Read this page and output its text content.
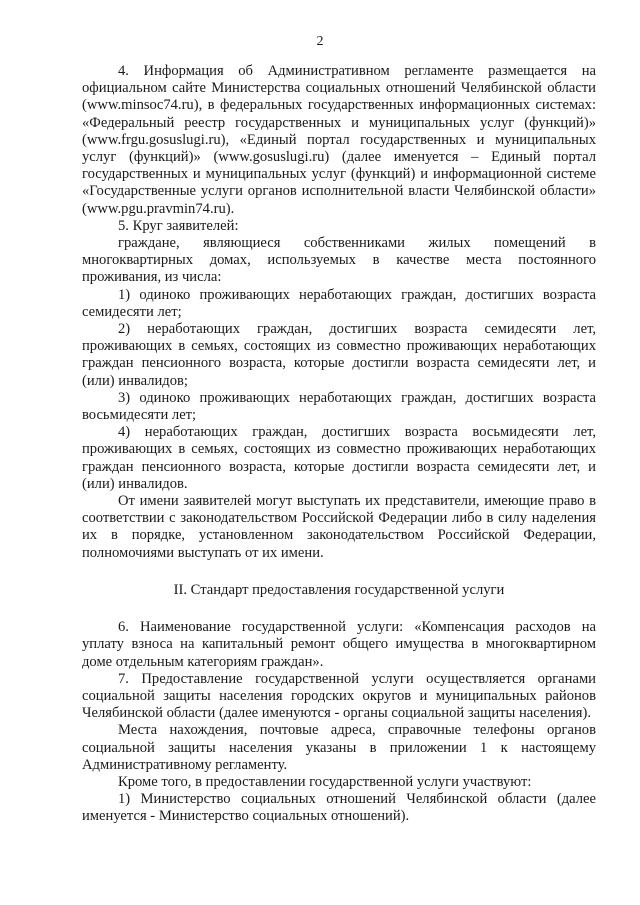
2

4. Информация об Административном регламенте размещается на официальном сайте Министерства социальных отношений Челябинской области (www.minsoc74.ru), в федеральных государственных информационных системах: «Федеральный реестр государственных и муниципальных услуг (функций)» (www.frgu.gosuslugi.ru), «Единый портал государственных и муниципальных услуг (функций)» (www.gosuslugi.ru) (далее именуется – Единый портал государственных и муниципальных услуг (функций) и информационной системе «Государственные услуги органов исполнительной власти Челябинской области» (www.pgu.pravmin74.ru).

5. Круг заявителей:

граждане, являющиеся собственниками жилых помещений в многоквартирных домах, используемых в качестве места постоянного проживания, из числа:

1) одиноко проживающих неработающих граждан, достигших возраста семидесяти лет;

2) неработающих граждан, достигших возраста семидесяти лет, проживающих в семьях, состоящих из совместно проживающих неработающих граждан пенсионного возраста, которые достигли возраста семидесяти лет, и (или) инвалидов;

3) одиноко проживающих неработающих граждан, достигших возраста восьмидесяти лет;

4) неработающих граждан, достигших возраста восьмидесяти лет, проживающих в семьях, состоящих из совместно проживающих неработающих граждан пенсионного возраста, которые достигли возраста семидесяти лет, и (или) инвалидов.

От имени заявителей могут выступать их представители, имеющие право в соответствии с законодательством Российской Федерации либо в силу наделения их в порядке, установленном законодательством Российской Федерации, полномочиями выступать от их имени.

II. Стандарт предоставления государственной услуги

6. Наименование государственной услуги: «Компенсация расходов на уплату взноса на капитальный ремонт общего имущества в многоквартирном доме отдельным категориям граждан».

7. Предоставление государственной услуги осуществляется органами социальной защиты населения городских округов и муниципальных районов Челябинской области (далее именуются - органы социальной защиты населения).

Места нахождения, почтовые адреса, справочные телефоны органов социальной защиты населения указаны в приложении 1 к настоящему Административному регламенту.

Кроме того, в предоставлении государственной услуги участвуют:

1) Министерство социальных отношений Челябинской области (далее именуется - Министерство социальных отношений).
